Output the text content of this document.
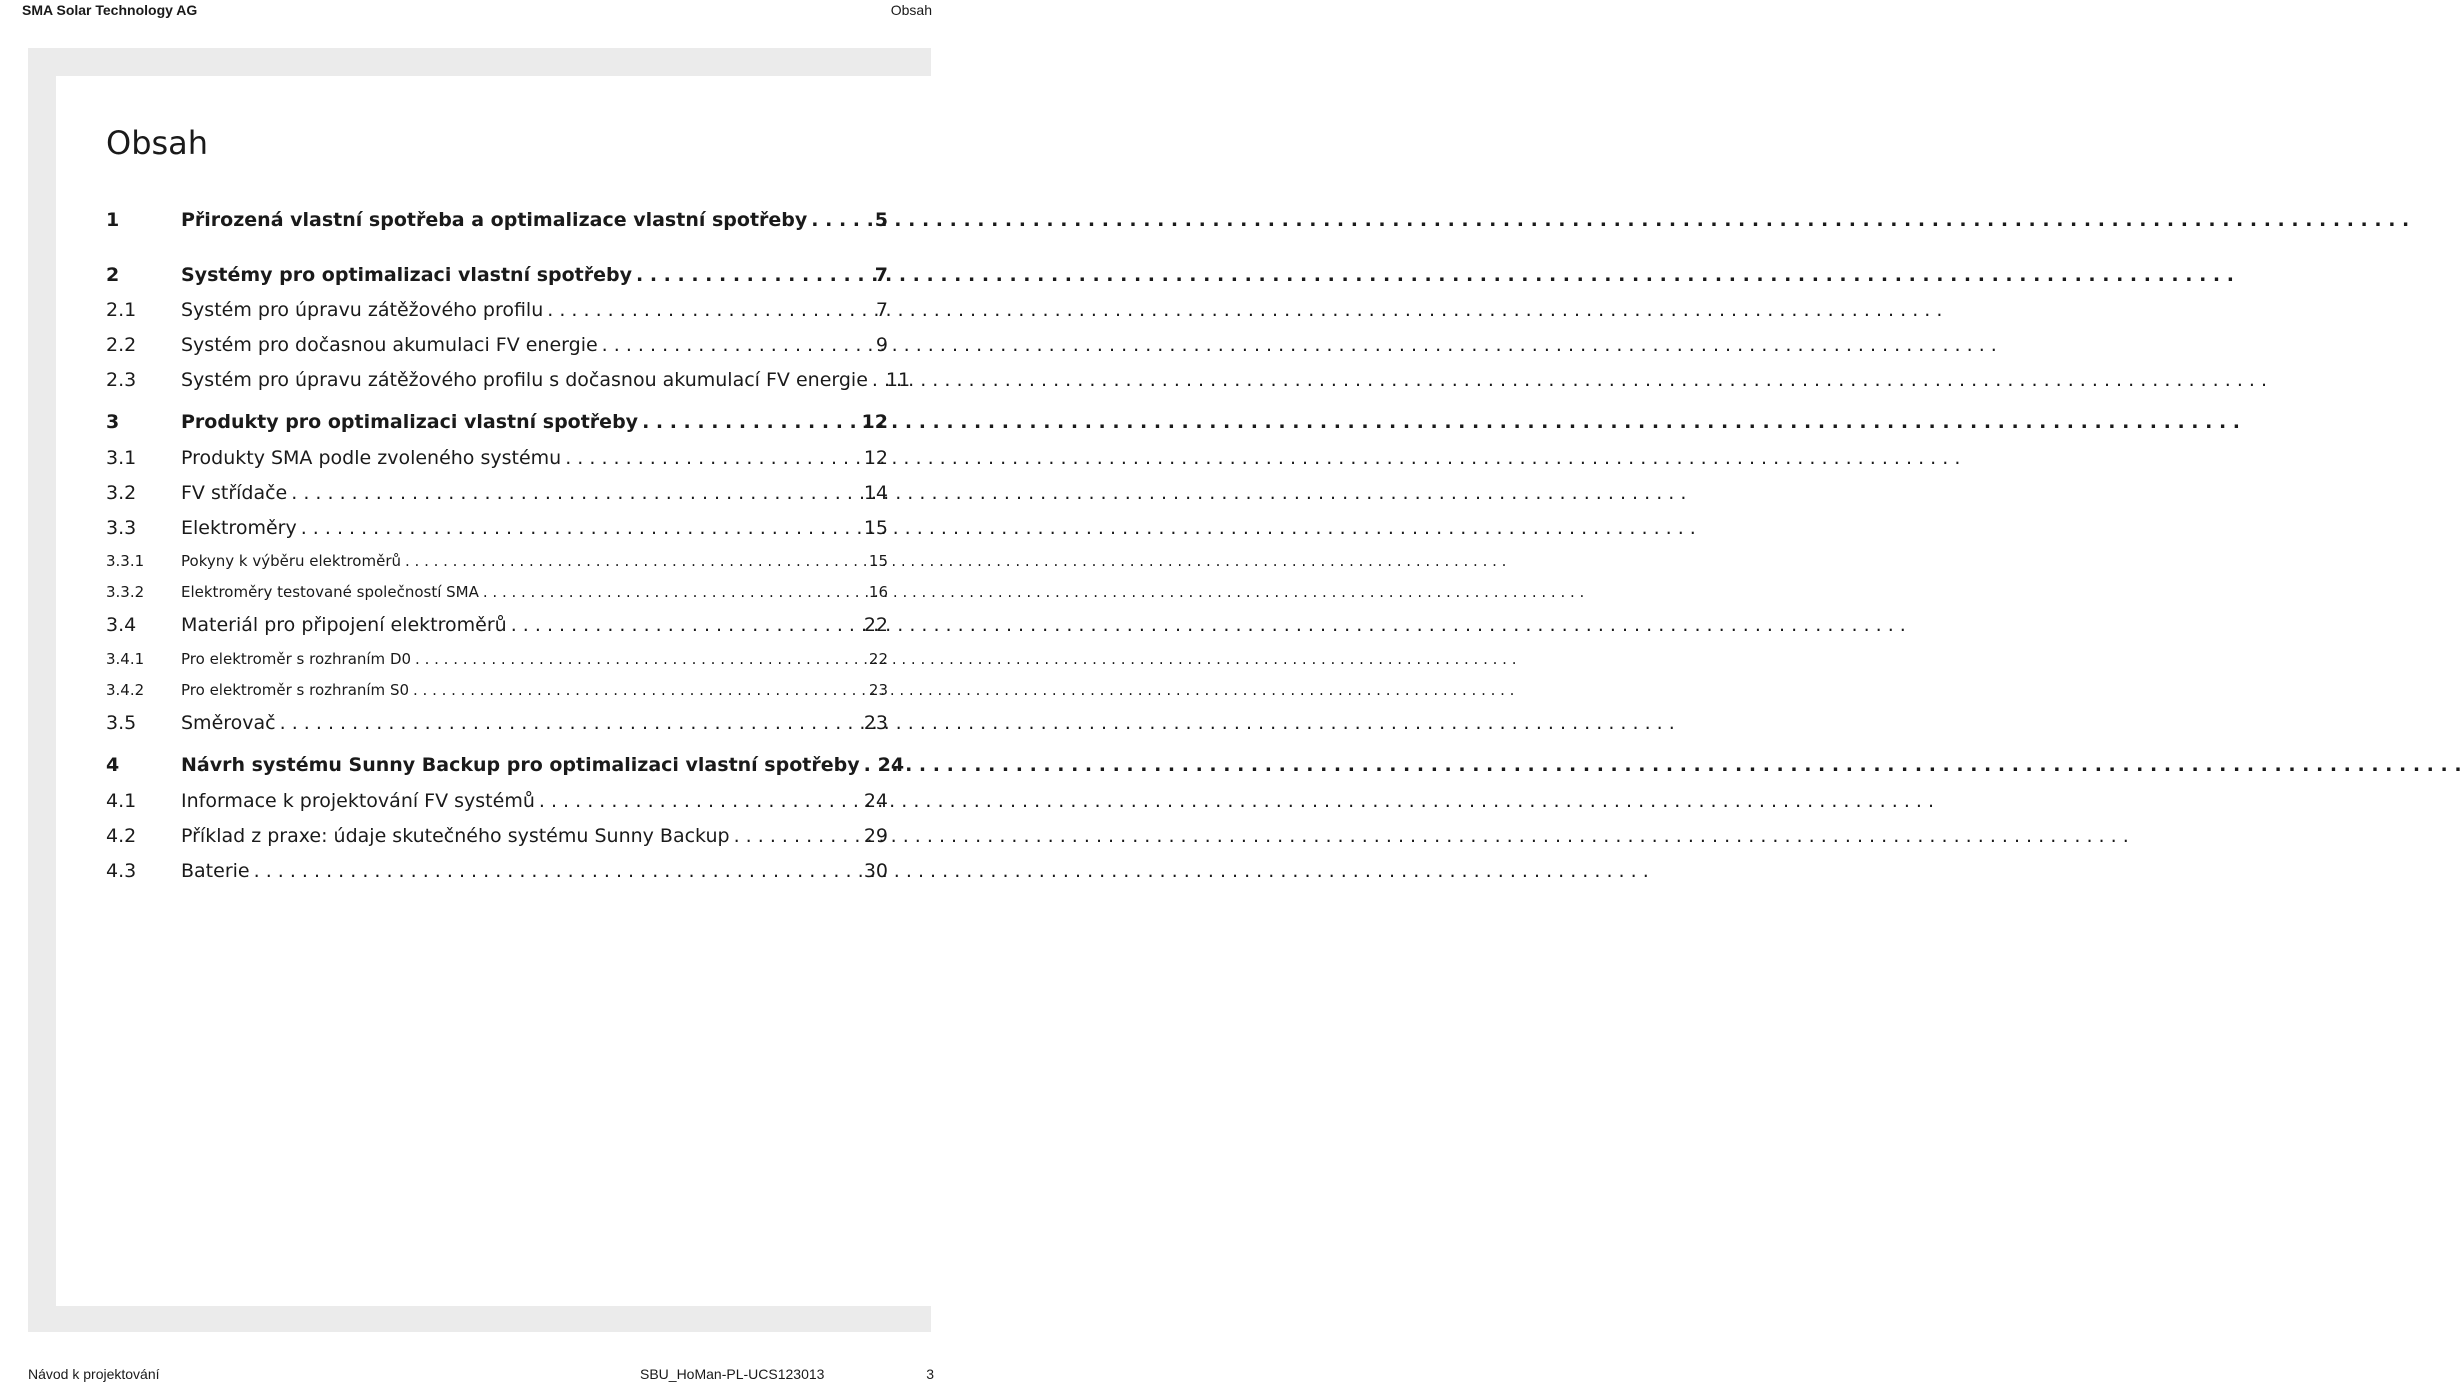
SMA Solar Technology AG	Obsah
Obsah
1	Přirozená vlastní spotřeba a optimalizace vlastní spotřeby . . .	5
2	Systémy pro optimalizaci vlastní spotřeby . . .	7
2.1	Systém pro úpravu zátěžového profilu . . .	7
2.2	Systém pro dočasnou akumulaci FV energie . . .	9
2.3	Systém pro úpravu zátěžového profilu s dočasnou akumulací FV energie . . . 11
3	Produkty pro optimalizaci vlastní spotřeby . . .	12
3.1	Produkty SMA podle zvoleného systému . . .	12
3.2	FV střídače . . .	14
3.3	Elektroměry . . .	15
3.3.1	Pokyny k výběru elektroměrů . . .	15
3.3.2	Elektroměry testované společností SMA . . .	16
3.4	Materiál pro připojení elektroměrů . . .	22
3.4.1	Pro elektroměr s rozhraním D0 . . .	22
3.4.2	Pro elektroměr s rozhraním S0 . . .	23
3.5	Směrovač . . .	23
4	Návrh systému Sunny Backup pro optimalizaci vlastní spotřeby . . . 24
4.1	Informace k projektování FV systémů . . .	24
4.2	Příklad z praxe: údaje skutečného systému Sunny Backup . . .	29
4.3	Baterie . . .	30
Návod k projektování	SBU_HoMan-PL-UCS123013	3
